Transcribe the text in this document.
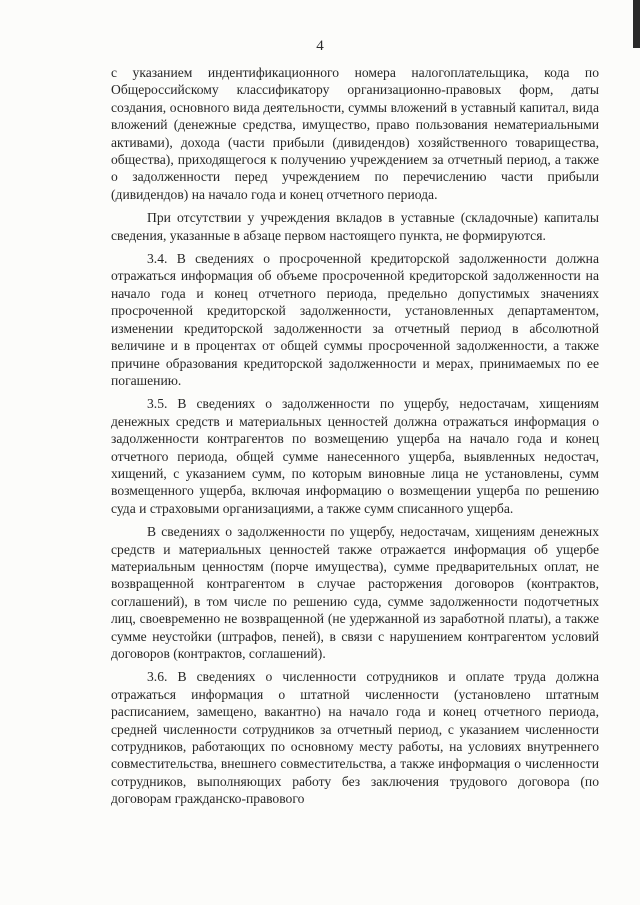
4

с указанием индентификационного номера налогоплательщика, кода по Общероссийскому классификатору организационно-правовых форм, даты создания, основного вида деятельности, суммы вложений в уставный капитал, вида вложений (денежные средства, имущество, право пользования нематериальными активами), дохода (части прибыли (дивидендов) хозяйственного товарищества, общества), приходящегося к получению учреждением за отчетный период, а также о задолженности перед учреждением по перечислению части прибыли (дивидендов) на начало года и конец отчетного периода.

При отсутствии у учреждения вкладов в уставные (складочные) капиталы сведения, указанные в абзаце первом настоящего пункта, не формируются.

3.4. В сведениях о просроченной кредиторской задолженности должна отражаться информация об объеме просроченной кредиторской задолженности на начало года и конец отчетного периода, предельно допустимых значениях просроченной кредиторской задолженности, установленных департаментом, изменении кредиторской задолженности за отчетный период в абсолютной величине и в процентах от общей суммы просроченной задолженности, а также причине образования кредиторской задолженности и мерах, принимаемых по ее погашению.

3.5. В сведениях о задолженности по ущербу, недостачам, хищениям денежных средств и материальных ценностей должна отражаться информация о задолженности контрагентов по возмещению ущерба на начало года и конец отчетного периода, общей сумме нанесенного ущерба, выявленных недостач, хищений, с указанием сумм, по которым виновные лица не установлены, сумм возмещенного ущерба, включая информацию о возмещении ущерба по решению суда и страховыми организациями, а также сумм списанного ущерба.

В сведениях о задолженности по ущербу, недостачам, хищениям денежных средств и материальных ценностей также отражается информация об ущербе материальным ценностям (порче имущества), сумме предварительных оплат, не возвращенной контрагентом в случае расторжения договоров (контрактов, соглашений), в том числе по решению суда, сумме задолженности подотчетных лиц, своевременно не возвращенной (не удержанной из заработной платы), а также сумме неустойки (штрафов, пеней), в связи с нарушением контрагентом условий договоров (контрактов, соглашений).

3.6. В сведениях о численности сотрудников и оплате труда должна отражаться информация о штатной численности (установлено штатным расписанием, замещено, вакантно) на начало года и конец отчетного периода, средней численности сотрудников за отчетный период, с указанием численности сотрудников, работающих по основному месту работы, на условиях внутреннего совместительства, внешнего совместительства, а также информация о численности сотрудников, выполняющих работу без заключения трудового договора (по договорам гражданско-правового
